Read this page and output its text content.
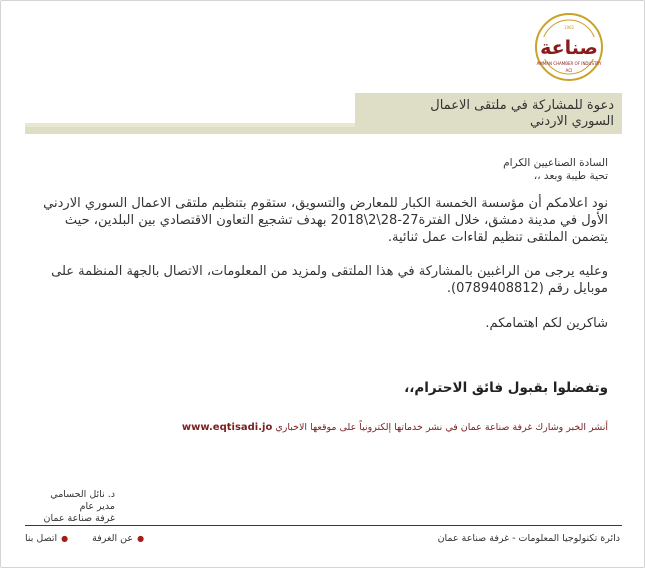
صناعة
AMMAN CHAMBER OF INDUSTRY
ACI
1962
دعوة للمشاركة في ملتقى الاعمال
السوري الاردني
السادة الصناعيين الكرام
تحية طيبة وبعد ،،
نود اعلامكم أن مؤسسة الخمسة الكبار للمعارض والتسويق، ستقوم بتنظيم ملتقى الاعمال السوري الاردني الأول في مدينة دمشق، خلال الفترة27-28\2\2018 بهدف تشجيع التعاون الاقتصادي بين البلدين، حيث يتضمن الملتقى تنظيم لقاءات عمل ثنائية.
وعليه يرجى من الراغبين بالمشاركة في هذا الملتقى ولمزيد من المعلومات، الاتصال بالجهة المنظمة على موبايل رقم (0789408812).
شاكرين لكم اهتمامكم.
وتفضلوا بقبول فائق الاحترام،،
أنشر الخبر وشارك غرفة صناعة عمان في نشر خدماتها إلكترونياً على موقعها الاخباري www.eqtisadi.jo
د. نائل الحسامي
مدير عام
غرفة صناعة عمان
دائرة تكنولوجيا المعلومات - غرفة صناعة عمان
●
عن الغرفة
●
اتصل بنا
